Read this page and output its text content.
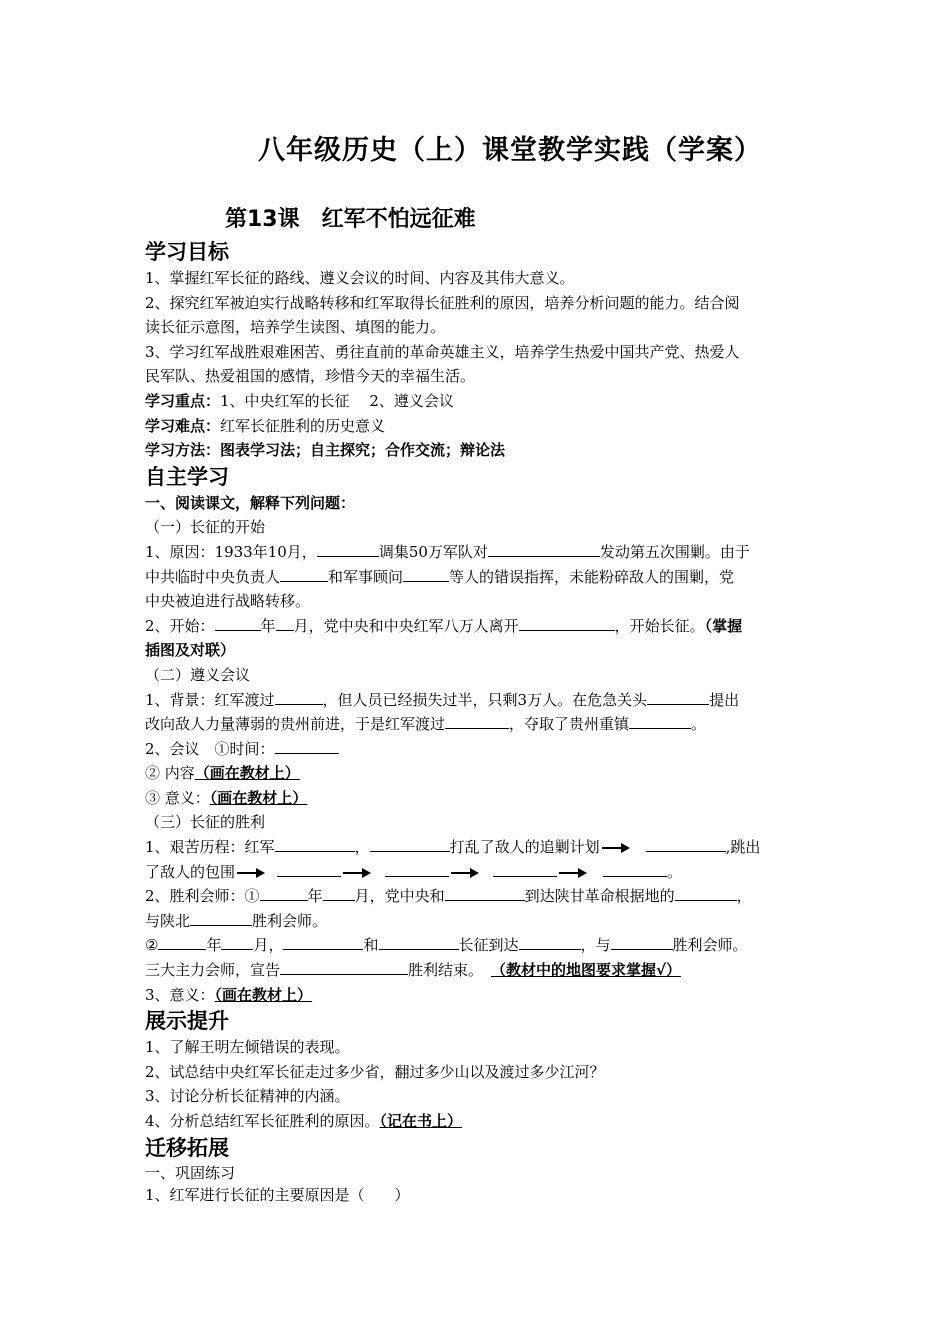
八年级历史（上）课堂教学实践（学案）
第13课　红军不怕远征难

学习目标

1、掌握红军长征的路线、遵义会议的时间、内容及其伟大意义。

2、探究红军被迫实行战略转移和红军取得长征胜利的原因，培养分析问题的能力。结合阅

读长征示意图，培养学生读图、填图的能力。

3、学习红军战胜艰难困苦、勇往直前的革命英雄主义，培养学生热爱中国共产党、热爱人

民军队、热爱祖国的感情，珍惜今天的幸福生活。

学习重点：1、中央红军的长征　 2、遵义会议

学习难点：红军长征胜利的历史意义

学习方法：图表学习法；自主探究；合作交流；辩论法

自主学习

一、阅读课文，解释下列问题：

（一）长征的开始

1、原因：1933年10月，	调集50万军队对	发动第五次围剿。由于

中共临时中央负责人	和军事顾问	等人的错误指挥，未能粉碎敌人的围剿，党

中央被迫进行战略转移。

2、开始：	年 月，党中央和中央红军八万人离开	，开始长征。（掌握

插图及对联）

（二）遵义会议

1、背景：红军渡过	，但人员已经损失过半，只剩3万人。在危急关头	提出

改向敌人力量薄弱的贵州前进，于是红军渡过	，夺取了贵州重镇	。

2、会议　①时间：

② 内容（画在教材上）

③ 意义：（画在教材上）

（三）长征的胜利

1、艰苦历程：红军	，	打乱了敌人的追剿计划	,跳出

了敌人的包围	。

2、胜利会师：①	年 月，党中央和	到达陕甘革命根据地的	，

与陕北	胜利会师。

②	年 月，	和	长征到达	，与	胜利会师。

三大主力会师，宣告	胜利结束。 （教材中的地图要求掌握√）

3、意义：（画在教材上）

展示提升

1、了解王明左倾错误的表现。

2、试总结中央红军长征走过多少省，翻过多少山以及渡过多少江河？

3、讨论分析长征精神的内涵。

4、分析总结红军长征胜利的原因。（记在书上）

迁移拓展

一、巩固练习

1、红军进行长征的主要原因是（　　）
